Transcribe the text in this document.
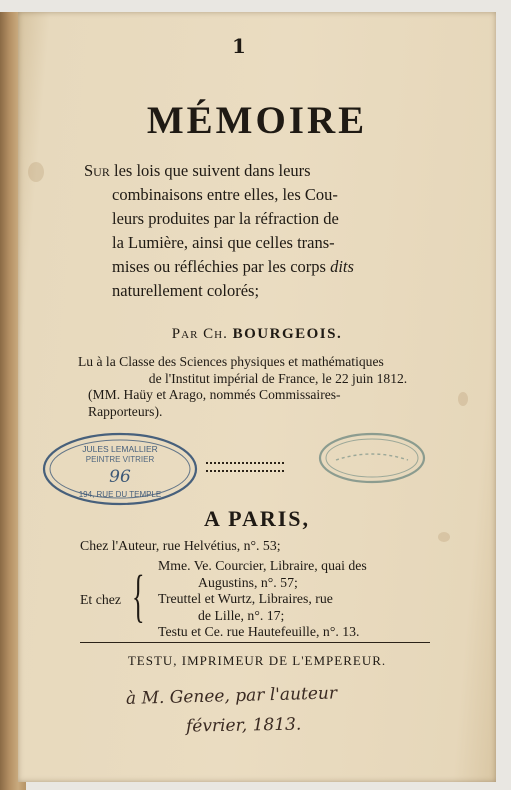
1
MÉMOIRE
Sur les lois que suivent dans leurs
combinaisons entre elles, les Cou-
leurs produites par la réfraction de
la Lumière, ainsi que celles trans-
mises ou réfléchies par les corps dits
naturellement colorés;
Par Ch. BOURGEOIS.
Lu à la Classe des Sciences physiques et mathématiques
de l'Institut impérial de France, le 22 juin 1812.
(MM. Haüy et Arago, nommés Commissaires-
Rapporteurs).
A PARIS,
Chez l'Auteur, rue Helvétius, n°. 53;
Et chez { Mme. Ve. Courcier, Libraire, quai des
Augustins, n°. 57;
Treuttel et Wurtz, Libraires, rue
de Lille, n°. 17;
Testu et Ce. rue Hautefeuille, n°. 13.
TESTU, IMPRIMEUR DE L'EMPEREUR.
à M. Genee, par l'auteur
février, 1813.
JULES LEMALLIER
PEINTRE VITRIER
96
194, RUE DU TEMPLE
